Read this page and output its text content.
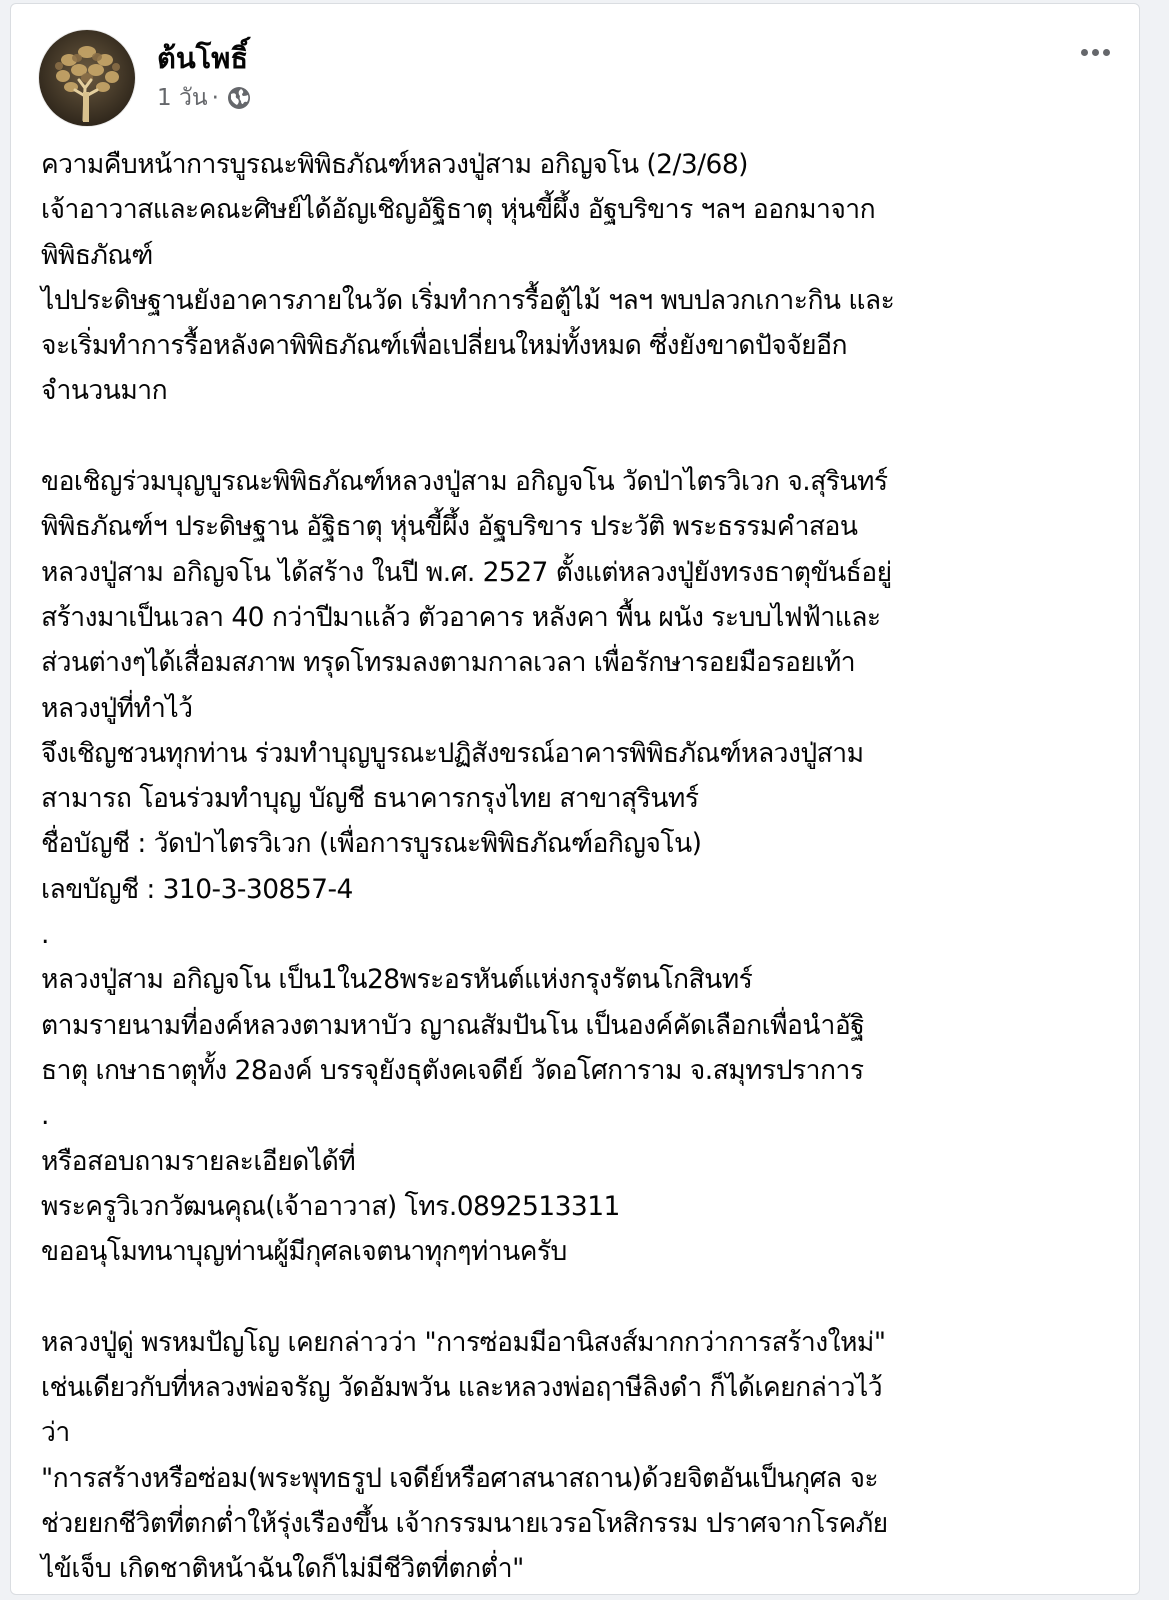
ต้นโพธิ์
1 วัน ·
ความคืบหน้าการบูรณะพิพิธภัณฑ์หลวงปู่สาม อกิญจโน (2/3/68)
เจ้าอาวาสและคณะศิษย์ได้อัญเชิญอัฐิธาตุ หุ่นขี้ผึ้ง อัฐบริขาร ฯลฯ ออกมาจาก
พิพิธภัณฑ์
ไปประดิษฐานยังอาคารภายในวัด เริ่มทำการรื้อตู้ไม้ ฯลฯ พบปลวกเกาะกิน และ
จะเริ่มทำการรื้อหลังคาพิพิธภัณฑ์เพื่อเปลี่ยนใหม่ทั้งหมด ซึ่งยังขาดปัจจัยอีก
จำนวนมาก
ขอเชิญร่วมบุญบูรณะพิพิธภัณฑ์หลวงปู่สาม อกิญจโน วัดป่าไตรวิเวก จ.สุรินทร์
พิพิธภัณฑ์ฯ ประดิษฐาน อัฐิธาตุ หุ่นขี้ผึ้ง อัฐบริขาร ประวัติ พระธรรมคำสอน
หลวงปู่สาม อกิญจโน ได้สร้าง ในปี พ.ศ. 2527 ตั้งแต่หลวงปู่ยังทรงธาตุขันธ์อยู่
สร้างมาเป็นเวลา 40 กว่าปีมาแล้ว ตัวอาคาร หลังคา พื้น ผนัง ระบบไฟฟ้าและ
ส่วนต่างๆได้เสื่อมสภาพ ทรุดโทรมลงตามกาลเวลา เพื่อรักษารอยมือรอยเท้า
หลวงปู่ที่ทำไว้
จึงเชิญชวนทุกท่าน ร่วมทำบุญบูรณะปฏิสังขรณ์อาคารพิพิธภัณฑ์หลวงปู่สาม
สามารถ โอนร่วมทำบุญ บัญชี ธนาคารกรุงไทย สาขาสุรินทร์
ชื่อบัญชี : วัดป่าไตรวิเวก (เพื่อการบูรณะพิพิธภัณฑ์อกิญจโน)
เลขบัญชี : 310-3-30857-4
.
หลวงปู่สาม อกิญจโน เป็น1ใน28พระอรหันต์แห่งกรุงรัตนโกสินทร์
ตามรายนามที่องค์หลวงตามหาบัว ญาณสัมปันโน เป็นองค์คัดเลือกเพื่อนำอัฐิ
ธาตุ เกษาธาตุทั้ง 28องค์ บรรจุยังธุตังคเจดีย์ วัดอโศการาม จ.สมุทรปราการ
.
หรือสอบถามรายละเอียดได้ที่
พระครูวิเวกวัฒนคุณ(เจ้าอาวาส) โทร.0892513311
ขออนุโมทนาบุญท่านผู้มีกุศลเจตนาทุกๆท่านครับ
หลวงปู่ดู่ พรหมปัญโญ เคยกล่าวว่า "การซ่อมมีอานิสงส์มากกว่าการสร้างใหม่"
เช่นเดียวกับที่หลวงพ่อจรัญ วัดอัมพวัน และหลวงพ่อฤาษีลิงดำ ก็ได้เคยกล่าวไว้
ว่า
"การสร้างหรือซ่อม(พระพุทธรูป เจดีย์หรือศาสนาสถาน)ด้วยจิตอันเป็นกุศล จะ
ช่วยยกชีวิตที่ตกต่ำให้รุ่งเรืองขึ้น เจ้ากรรมนายเวรอโหสิกรรม ปราศจากโรคภัย
ไข้เจ็บ เกิดชาติหน้าฉันใดก็ไม่มีชีวิตที่ตกต่ำ"
